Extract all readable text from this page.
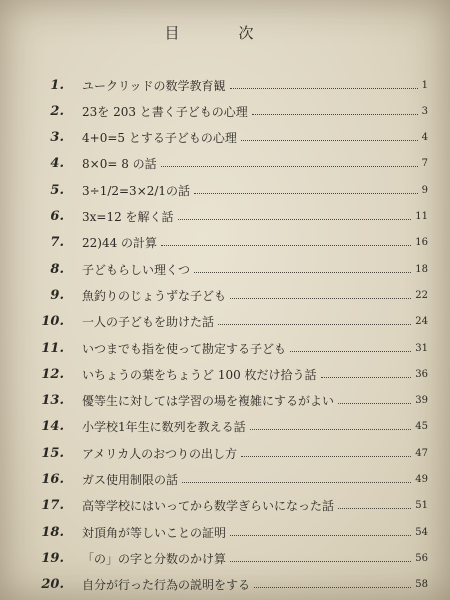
目　次
1. ユークリッドの数学教育観	1
2. 23を 203 と書く子どもの心理	3
3. 4+0=5 とする子どもの心理	4
4. 8×0= 8 の話	7
5. 3÷1/2=3×2/1の話	9
6. 3x=12 を解く話	11
7. 22)44 の計算	16
8. 子どもらしい理くつ	18
9. 魚釣りのじょうずな子ども	22
10. 一人の子どもを助けた話	24
11. いつまでも指を使って勘定する子ども	31
12. いちょうの葉をちょうど 100 枚だけ拾う話	36
13. 優等生に対しては学習の場を複雑にするがよい	39
14. 小学校1年生に数列を教える話	45
15. アメリカ人のおつりの出し方	47
16. ガス使用制限の話	49
17. 高等学校にはいってから数学ぎらいになった話	51
18. 対頂角が等しいことの証明	54
19. 「の」の字と分数のかけ算	56
20. 自分が行った行為の説明をする	58
